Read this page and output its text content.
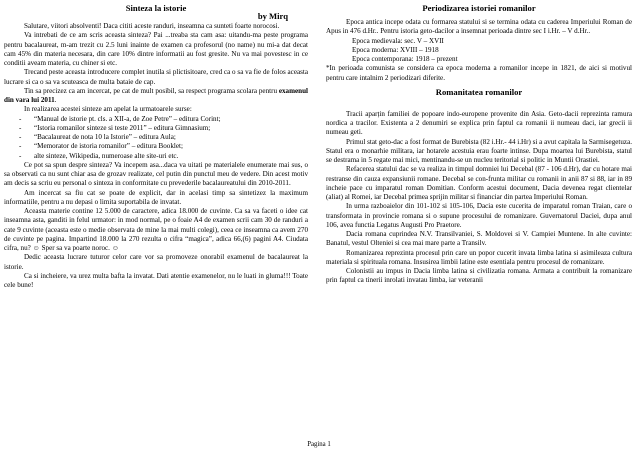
Sinteza la istorie
by Mirq
Salutare, viitori absolventi! Daca cititi aceste randuri, inseamna ca sunteti foarte norocosi.
Va intrebati de ce am scris aceasta sinteza? Pai ...treaba sta cam asa: uitandu-ma peste programa pentru bacalaureat, m-am trezit cu 2.5 luni inainte de examen ca profesorul (no name) nu mi-a dat decat cam 45% din materia necesara, din care 10% dintre informatii au fost gresite. Nu va mai povestesc in ce conditii aveam materia, cu chiner si etc.
Trecand peste aceasta introducere complet inutila si plictisitoare, cred ca o sa va fie de folos aceasta lucrare si ca o sa va scuteasca de multa bataie de cap.
Tin sa precizez ca am incercat, pe cat de mult posibil, sa respect programa scolara pentru examenul din vara lui 2011.
In realizarea acestei sinteze am apelat la urmatoarele surse:
- “Manual de istorie pt. cls. a XII-a, de Zoe Petre” – editura Corint;
- “Istoria romanilor sinteze si teste 2011” – editura Gimnasium;
- “Bacalaureat de nota 10 la Istorie” – editura Aula;
- “Memorator de istoria romanilor” – editura Booklet;
- alte sinteze, Wikipedia, numeroase alte site-uri etc.
Ce pot sa spun despre sinteza? Va incepem asa...daca va uitati pe materialele enumerate mai sus, o sa observati ca nu sunt chiar asa de grozav realizate, cel putin din punctul meu de vedere. Din acest motiv am decis sa scriu eu personal o sinteza in conformitate cu prevederile bacalaureatului din 2010-2011.
Am incercat sa fiu cat se poate de explicit, dar in acelasi timp sa sintetizez la maximum informatiile, pentru a nu depasi o limita suportabila de invatat.
Aceasta materie contine 12 5.000 de caractere, adica 18.000 de cuvinte. Ca sa va faceti o idee cat inseamna asta, ganditi in felul urmator: in mod normal, pe o foaie A4 de examen scrii cam 30 de randuri a cate 9 cuvinte (aceasta este o medie observata de mine la mai multi colegi), ceea ce inseamna ca avem 270 de cuvinte pe pagina. Impartind 18.000 la 270 rezulta o cifra “magica”, adica 66,(6) pagini A4. Ciudata cifra, nu? ☺ Sper sa va poarte noroc. ☺
Dedic aceasta lucrare tuturor celor care vor sa promoveze onorabil examenul de bacalaureat la istorie.
Ca si incheiere, va urez multa bafta la invatat. Dati atentie examenelor, nu le luati in gluma!!! Toate cele bune!
Periodizarea istoriei romanilor
Epoca antica incepe odata cu formarea statului si se termina odata cu caderea Imperiului Roman de Apus in 476 d.Hr.. Pentru istoria geto-dacilor a insemnat perioada dintre sec I i.Hr. – V d.Hr..
Epoca medievala: sec. V – XVII
Epoca moderna: XVIII – 1918
Epoca contemporana: 1918 – prezent
*In perioada comunista se considera ca epoca moderna a romanilor incepe in 1821, de aici si motivul pentru care intalnim 2 periodizari diferite.
Romanitatea romanilor
Tracii aparțin familiei de popoare indo-europene provenite din Asia. Geto-dacii reprezinta ramura nordica a tracilor. Existenta a 2 denumiri se explica prin faptul ca romanii ii numeau daci, iar grecii ii numeau geti.
Primul stat geto-dac a fost format de Burebista (82 i.Hr.- 44 i.Hr) si a avut capitala la Sarmisegetuza. Statul era o monarhie militara, iar hotarele acestuia erau foarte intinse. Dupa moartea lui Burebista, statul se destrama in 5 regate mai mici, mentinandu-se un nucleu teritorial si politic in Muntii Orastiei.
Refacerea statului dac se va realiza in timpul domniei lui Decebal (87 - 106 d.Hr), dar cu hotare mai restranse din cauza expansiunii romane. Decebal se con-frunta militar cu romanii in anii 87 si 88, iar in 89 incheie pace cu imparatul roman Domitian. Conform acestui document, Dacia devenea regat clientelar (aliat) al Romei, iar Decebal primea sprijin militar si financiar din partea Imperiului Roman.
In urma razboaielor din 101-102 si 105-106, Dacia este cucerita de imparatul roman Traian, care o transformata in provincie romana si o supune procesului de romanizare. Guvernatorul Daciei, dupa anul 106, avea functia Legatus Augusti Pro Praetore.
Dacia romana cuprindea N.V. Transilvaniei, S. Moldovei si V. Campiei Muntene. In alte cuvinte: Banatul, vestul Olteniei si cea mai mare parte a Transilv.
Romanizarea reprezinta procesul prin care un popor cucerit invata limba latina si asimileaza cultura materiala si spirituala romana. Insusirea limbii latine este esentiala pentru procesul de romanizare.
Colonistii au impus in Dacia limba latina si civilizatia romana. Armata a contribuit la romanizare prin faptul ca tinerii inrolati invatau limba, iar veteranii
Pagina 1
